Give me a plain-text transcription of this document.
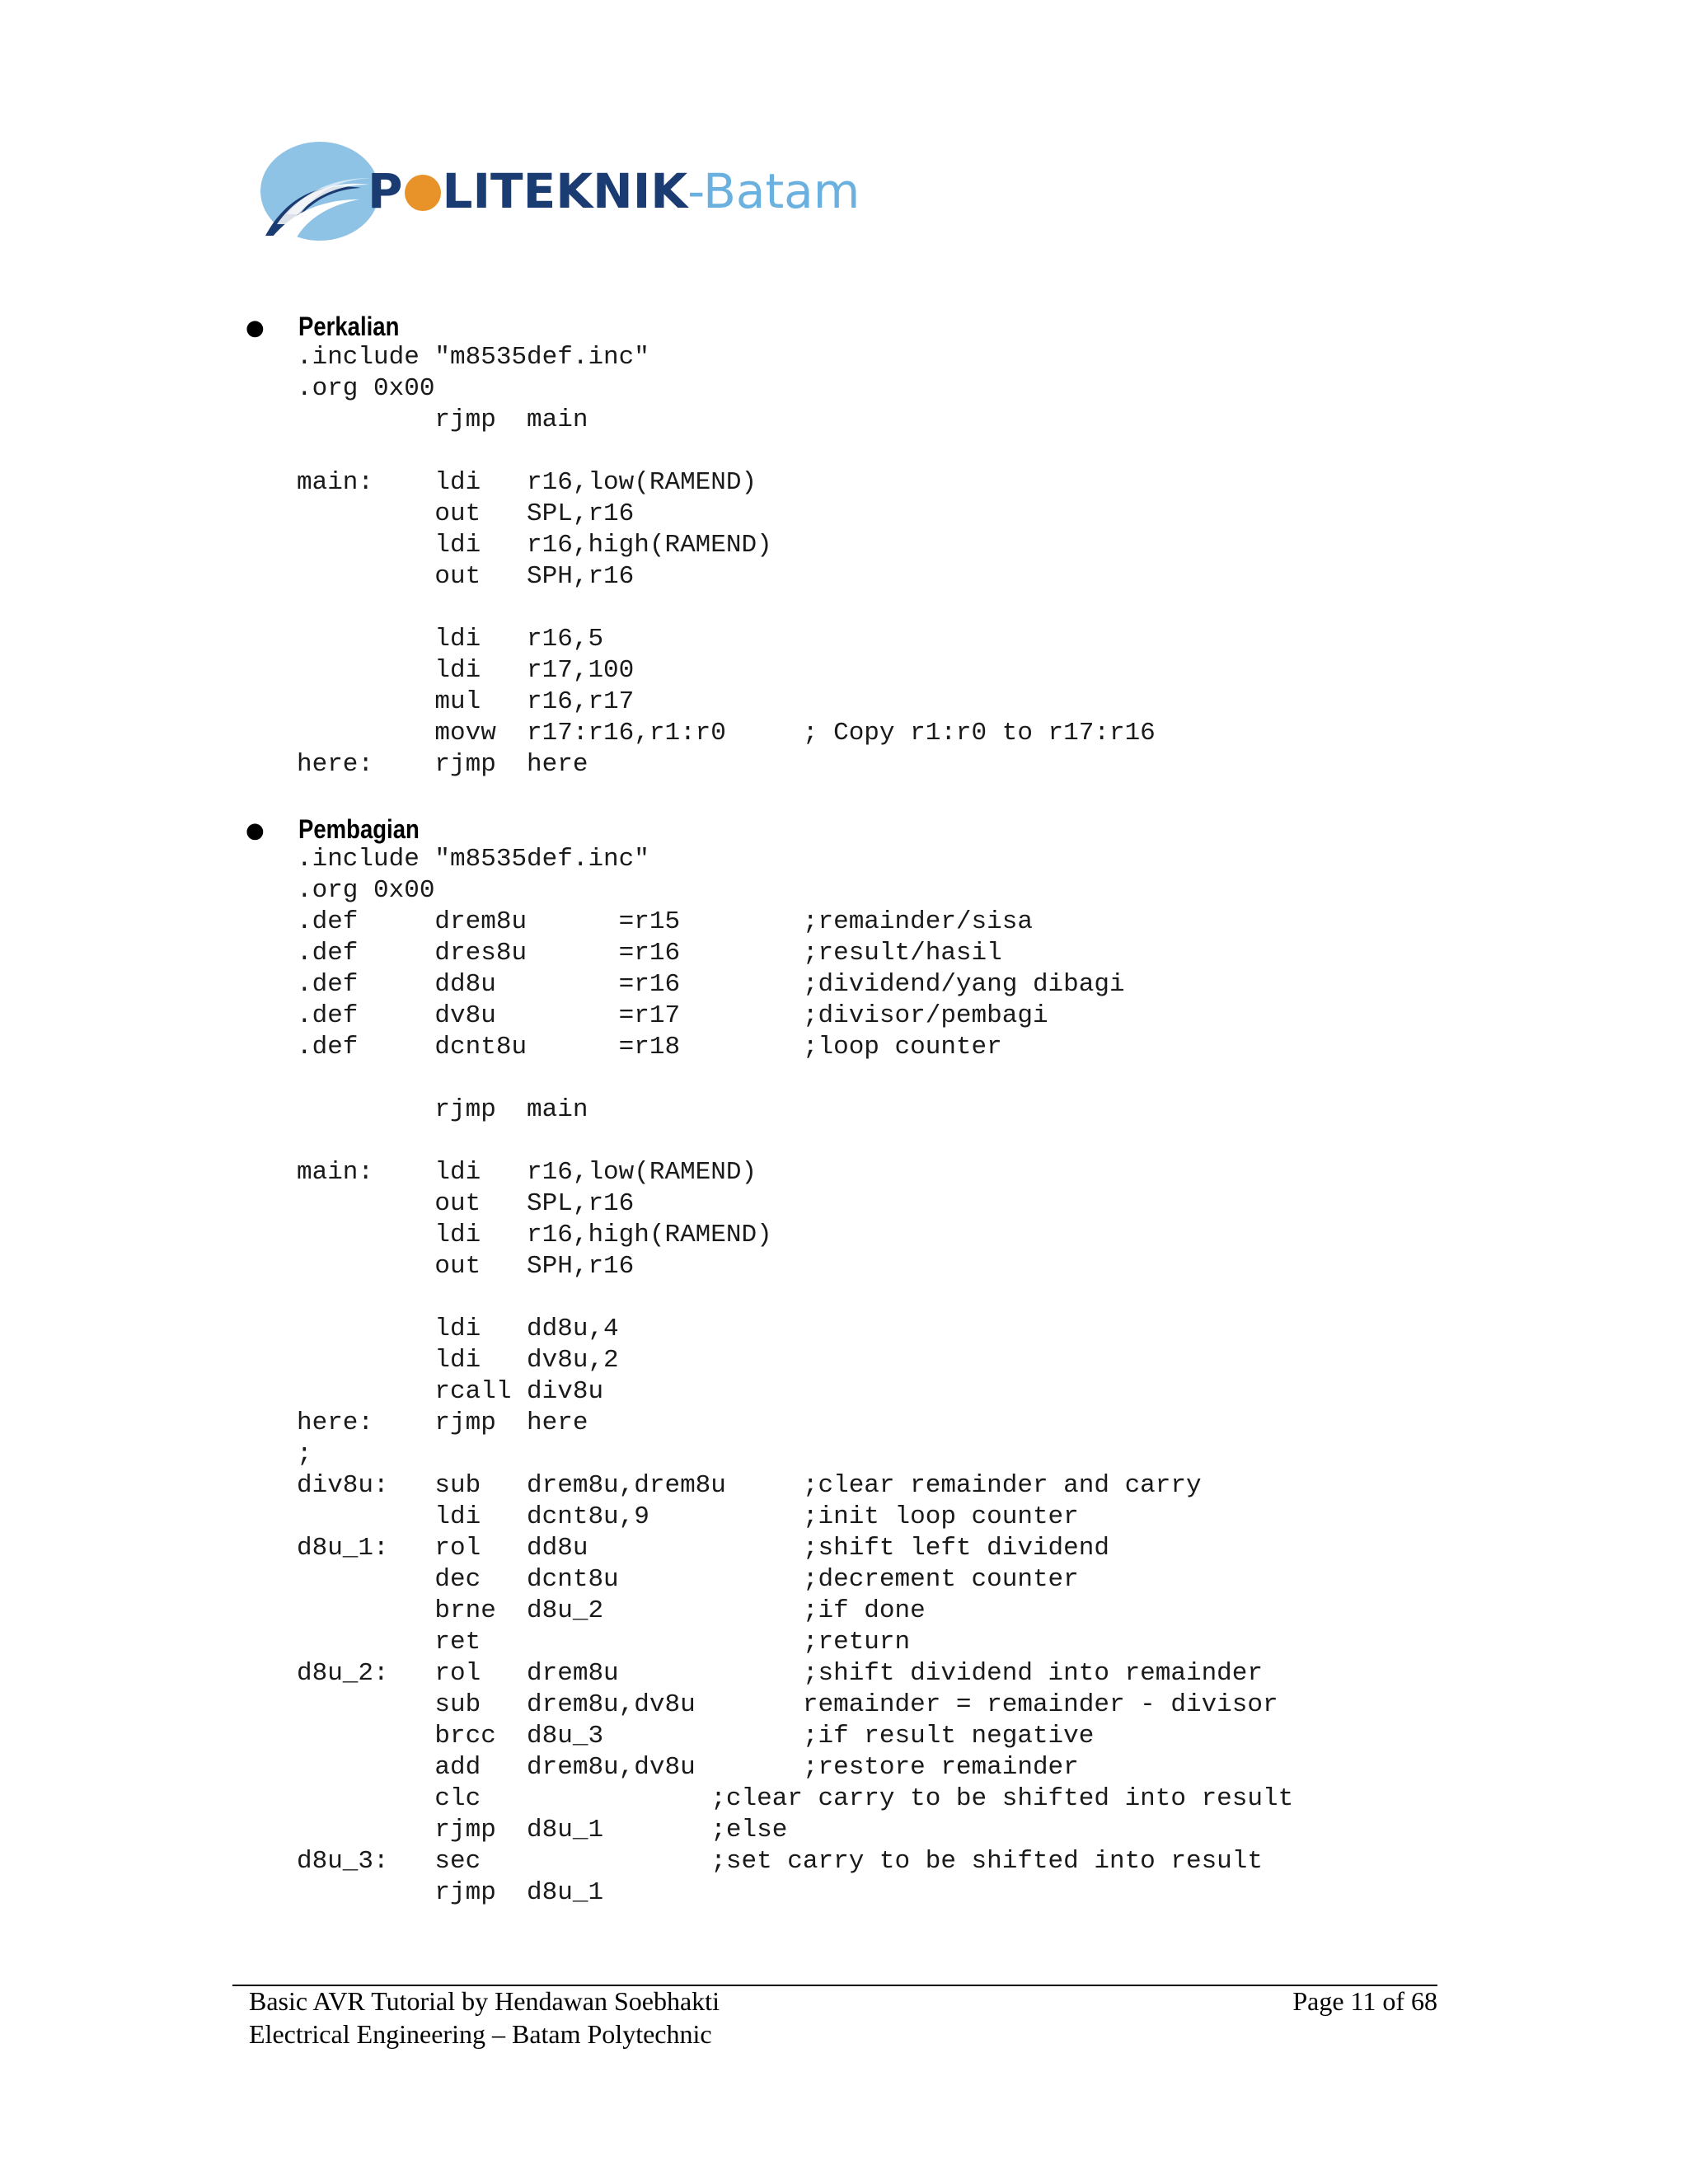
P LITEKNIK-Batam
● Perkalian
.include "m8535def.inc"
.org 0x00
rjmp  main

main:    ldi   r16,low(RAMEND)
out   SPL,r16
ldi   r16,high(RAMEND)
out   SPH,r16

ldi   r16,5
ldi   r17,100
mul   r16,r17
movw  r17:r16,r1:r0     ; Copy r1:r0 to r17:r16
here:    rjmp  here
● Pembagian
.include "m8535def.inc"
.org 0x00
.def     drem8u      =r15        ;remainder/sisa
.def     dres8u      =r16        ;result/hasil
.def     dd8u        =r16        ;dividend/yang dibagi
.def     dv8u        =r17        ;divisor/pembagi
.def     dcnt8u      =r18        ;loop counter

rjmp  main

main:    ldi   r16,low(RAMEND)
out   SPL,r16
ldi   r16,high(RAMEND)
out   SPH,r16

ldi   dd8u,4
ldi   dv8u,2
rcall div8u
here:    rjmp  here
;
div8u:   sub   drem8u,drem8u     ;clear remainder and carry
ldi   dcnt8u,9          ;init loop counter
d8u_1:   rol   dd8u              ;shift left dividend
dec   dcnt8u            ;decrement counter
brne  d8u_2             ;if done
ret                     ;return
d8u_2:   rol   drem8u            ;shift dividend into remainder
sub   drem8u,dv8u       remainder = remainder - divisor
brcc  d8u_3             ;if result negative
add   drem8u,dv8u       ;restore remainder
clc               ;clear carry to be shifted into result
rjmp  d8u_1       ;else
d8u_3:   sec               ;set carry to be shifted into result
rjmp  d8u_1
Basic AVR Tutorial by Hendawan Soebhakti
Electrical Engineering – Batam Polytechnic
Page 11 of 68
